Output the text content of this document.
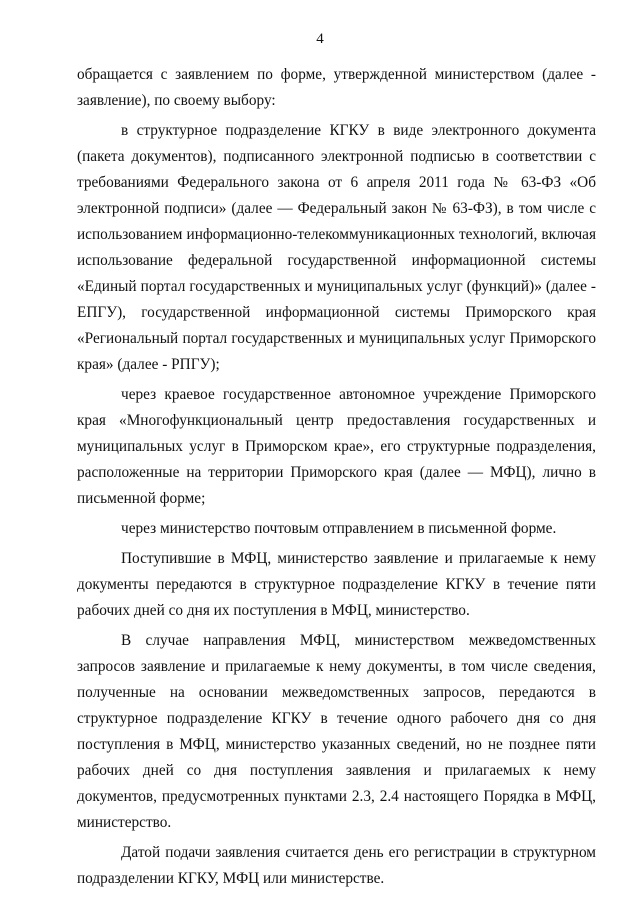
4

обращается с заявлением по форме, утвержденной министерством (далее - заявление), по своему выбору:

в структурное подразделение КГКУ в виде электронного документа (пакета документов), подписанного электронной подписью в соответствии с требованиями Федерального закона от 6 апреля 2011 года № 63-ФЗ «Об электронной подписи» (далее — Федеральный закон № 63-ФЗ), в том числе с использованием информационно-телекоммуникационных технологий, включая использование федеральной государственной информационной системы «Единый портал государственных и муниципальных услуг (функций)» (далее - ЕПГУ), государственной информационной системы Приморского края «Региональный портал государственных и муниципальных услуг Приморского края» (далее - РПГУ);

через краевое государственное автономное учреждение Приморского края «Многофункциональный центр предоставления государственных и муниципальных услуг в Приморском крае», его структурные подразделения, расположенные на территории Приморского края (далее — МФЦ), лично в письменной форме;

через министерство почтовым отправлением в письменной форме.

Поступившие в МФЦ, министерство заявление и прилагаемые к нему документы передаются в структурное подразделение КГКУ в течение пяти рабочих дней со дня их поступления в МФЦ, министерство.

В случае направления МФЦ, министерством межведомственных запросов заявление и прилагаемые к нему документы, в том числе сведения, полученные на основании межведомственных запросов, передаются в структурное подразделение КГКУ в течение одного рабочего дня со дня поступления в МФЦ, министерство указанных сведений, но не позднее пяти рабочих дней со дня поступления заявления и прилагаемых к нему документов, предусмотренных пунктами 2.3, 2.4 настоящего Порядка в МФЦ, министерство.

Датой подачи заявления считается день его регистрации в структурном подразделении КГКУ, МФЦ или министерстве.
